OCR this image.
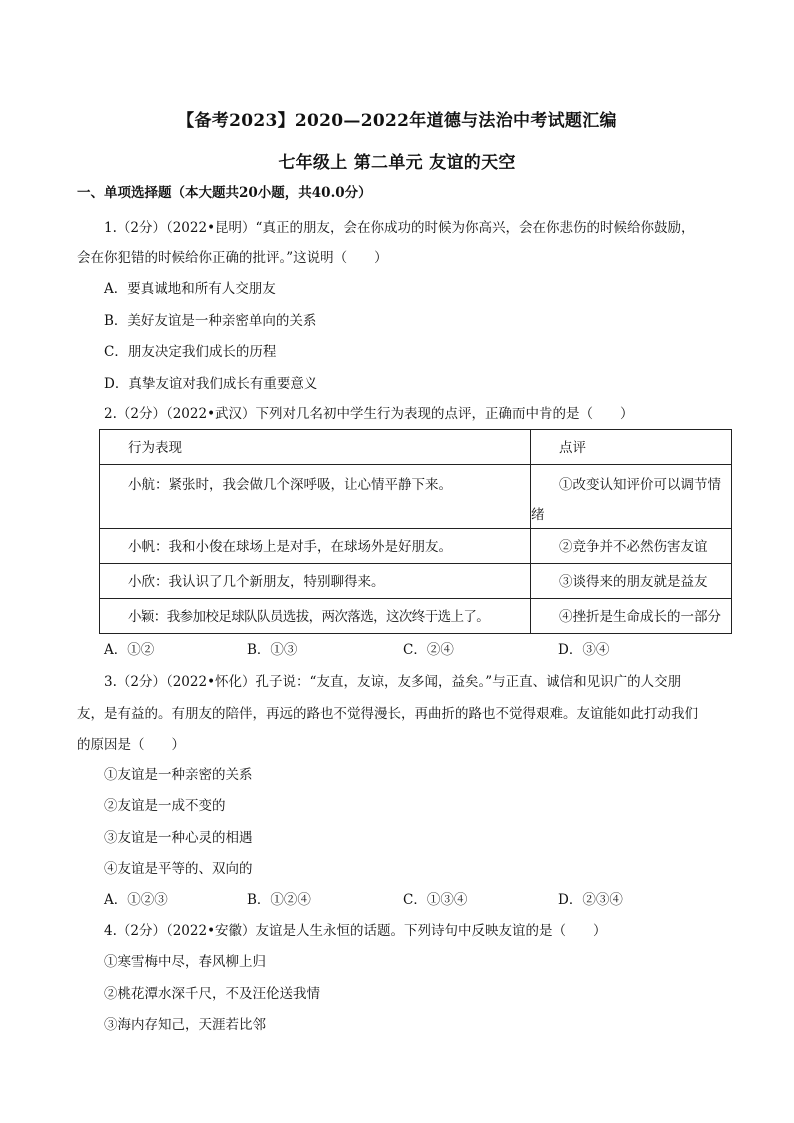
【备考2023】2020—2022年道德与法治中考试题汇编
七年级上 第二单元 友谊的天空
一、单项选择题（本大题共20小题，共40.0分）
1.（2分）（2022•昆明）“真正的朋友，会在你成功的时候为你高兴，会在你悲伤的时候给你鼓励，
会在你犯错的时候给你正确的批评。”这说明（　　）
A．要真诚地和所有人交朋友
B．美好友谊是一种亲密单向的关系
C．朋友决定我们成长的历程
D．真挚友谊对我们成长有重要意义
2.（2分）（2022•武汉）下列对几名初中学生行为表现的点评，正确而中肯的是（　　）
行为表现	点评

小航：紧张时，我会做几个深呼吸，让心情平静下来。	①改变认知评价可以调节情
绪

小帆：我和小俊在球场上是对手，在球场外是好朋友。	②竞争并不必然伤害友谊

小欣：我认识了几个新朋友，特别聊得来。	③谈得来的朋友就是益友

小颖：我参加校足球队队员选拔，两次落选，这次终于选上了。	④挫折是生命成长的一部分
A．①②	B．①③	C．②④	D．③④
3.（2分）（2022•怀化）孔子说：“友直，友谅，友多闻，益矣。”与正直、诚信和见识广的人交朋
友，是有益的。有朋友的陪伴，再远的路也不觉得漫长，再曲折的路也不觉得艰难。友谊能如此打动我们
的原因是（　　）
①友谊是一种亲密的关系
②友谊是一成不变的
③友谊是一种心灵的相遇
④友谊是平等的、双向的
A．①②③	B．①②④	C．①③④	D．②③④
4.（2分）（2022•安徽）友谊是人生永恒的话题。下列诗句中反映友谊的是（　　）
①寒雪梅中尽，春风柳上归
②桃花潭水深千尺，不及汪伦送我情
③海内存知己，天涯若比邻
